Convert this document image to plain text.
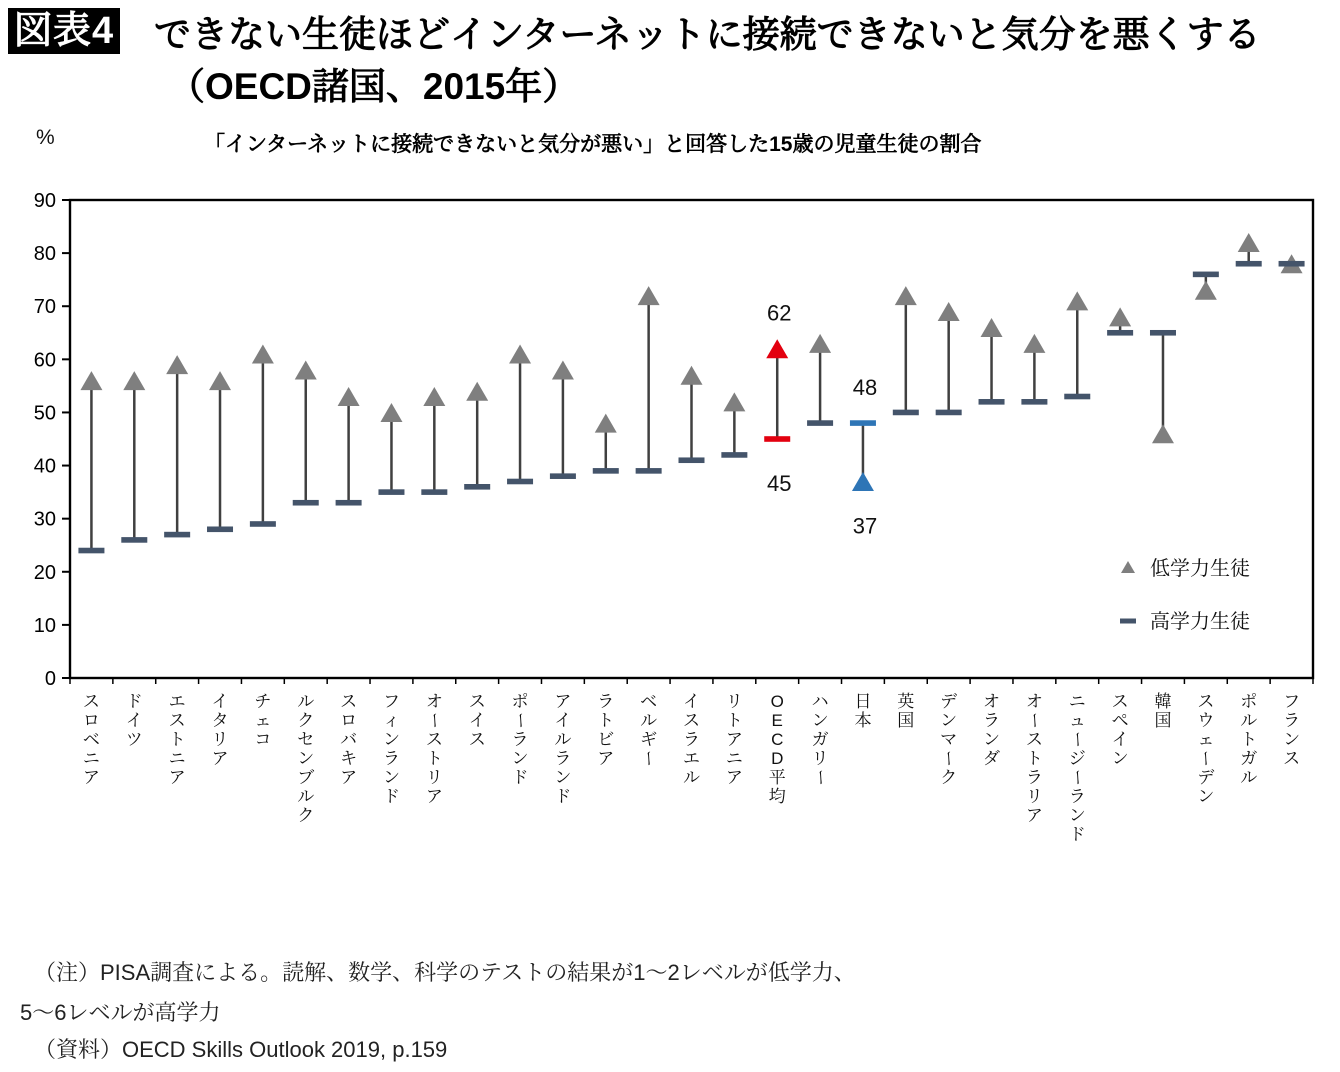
図表4 できない生徒ほどインターネットに接続できないと気分を悪くする
（OECD諸国、2015年）
%	「インターネットに接続できないと気分が悪い」と回答した15歳の児童生徒の割合
0
10
20
30
40
50
60
70
80
90
62
45
48
37
低学力生徒
高学力生徒
ス
ロ
ベ
ニ
ア
ド
イ
ツ
エ
ス
ト
ニ
ア
イ
タ
リ
ア
チ
ェ
コ
ル
ク
セ
ン
ブ
ル
ク
ス
ロ
バ
キ
ア
フ
ィ
ン
ラ
ン
ド
オ
ー
ス
ト
リ
ア
ス
イ
ス
ポ
ー
ラ
ン
ド
ア
イ
ル
ラ
ン
ド
ラ
ト
ビ
ア
ベ
ル
ギ
ー
イ
ス
ラ
エ
ル
リ
ト
ア
ニ
ア
O
E
C
D
平
均
ハ
ン
ガ
リ
ー
日
本
英
国
デ
ン
マ
ー
ク
オ
ラ
ン
ダ
オ
ー
ス
ト
ラ
リ
ア
ニ
ュ
ー
ジ
ー
ラ
ン
ド
ス
ペ
イ
ン
韓
国
ス
ウ
ェ
ー
デ
ン
ポ
ル
ト
ガ
ル
フ
ラ
ン
ス
（注）PISA調査による。読解、数学、科学のテストの結果が1～2レベルが低学力、
5～6レベルが高学力
（資料）OECD Skills Outlook 2019, p.159
